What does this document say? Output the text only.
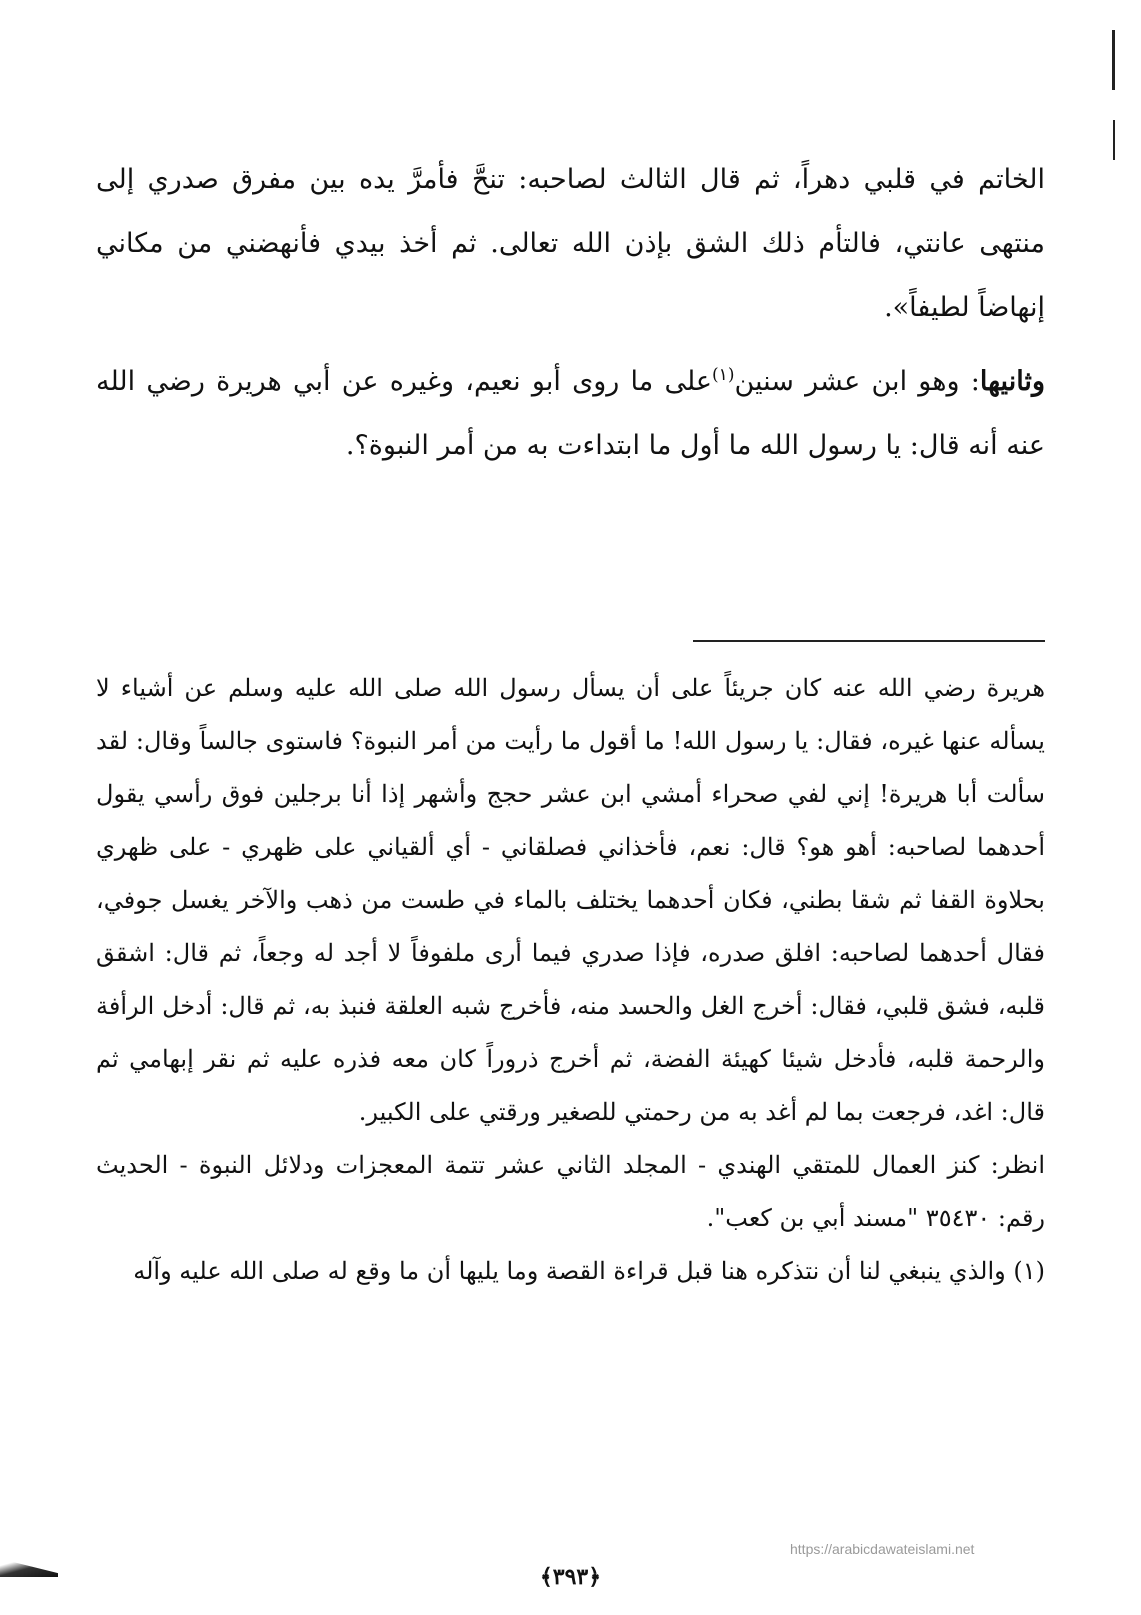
الخاتم في قلبي دهراً، ثم قال الثالث لصاحبه: تنحَّ فأمرَّ يده بين مفرق صدري إلى منتهى عانتي، فالتأم ذلك الشق بإذن الله تعالى. ثم أخذ بيدي فأنهضني من مكاني إنهاضاً لطيفاً».

وثانيها: وهو ابن عشر سنين$^{(١)}$على ما روى أبو نعيم، وغيره عن أبي هريرة رضي الله عنه أنه قال: يا رسول الله ما أول ما ابتداءت به من أمر النبوة؟.

هريرة رضي الله عنه كان جريئاً على أن يسأل رسول الله صلى الله عليه وسلم عن أشياء لا يسأله عنها غيره، فقال: يا رسول الله! ما أقول ما رأيت من أمر النبوة؟ فاستوى جالساً وقال: لقد سألت أبا هريرة! إني لفي صحراء أمشي ابن عشر حجج وأشهر إذا أنا برجلين فوق رأسي يقول أحدهما لصاحبه: أهو هو؟ قال: نعم، فأخذاني فصلقاني - أي ألقياني على ظهري - على ظهري بحلاوة القفا ثم شقا بطني، فكان أحدهما يختلف بالماء في طست من ذهب والآخر يغسل جوفي، فقال أحدهما لصاحبه: افلق صدره، فإذا صدري فيما أرى ملفوفاً لا أجد له وجعاً، ثم قال: اشقق قلبه، فشق قلبي، فقال: أخرج الغل والحسد منه، فأخرج شبه العلقة فنبذ به، ثم قال: أدخل الرأفة والرحمة قلبه، فأدخل شيئا كهيئة الفضة، ثم أخرج ذروراً كان معه فذره عليه ثم نقر إبهامي ثم قال: اغد، فرجعت بما لم أغد به من رحمتي للصغير ورقتي على الكبير.

انظر: كنز العمال للمتقي الهندي - المجلد الثاني عشر تتمة المعجزات ودلائل النبوة - الحديث رقم: ٣٥٤٣٠ "مسند أبي بن كعب".

(١) والذي ينبغي لنا أن نتذكره هنا قبل قراءة القصة وما يليها أن ما وقع له صلى الله عليه وآله

https://arabicdawateislami.net
﴿٣٩٣﴾
